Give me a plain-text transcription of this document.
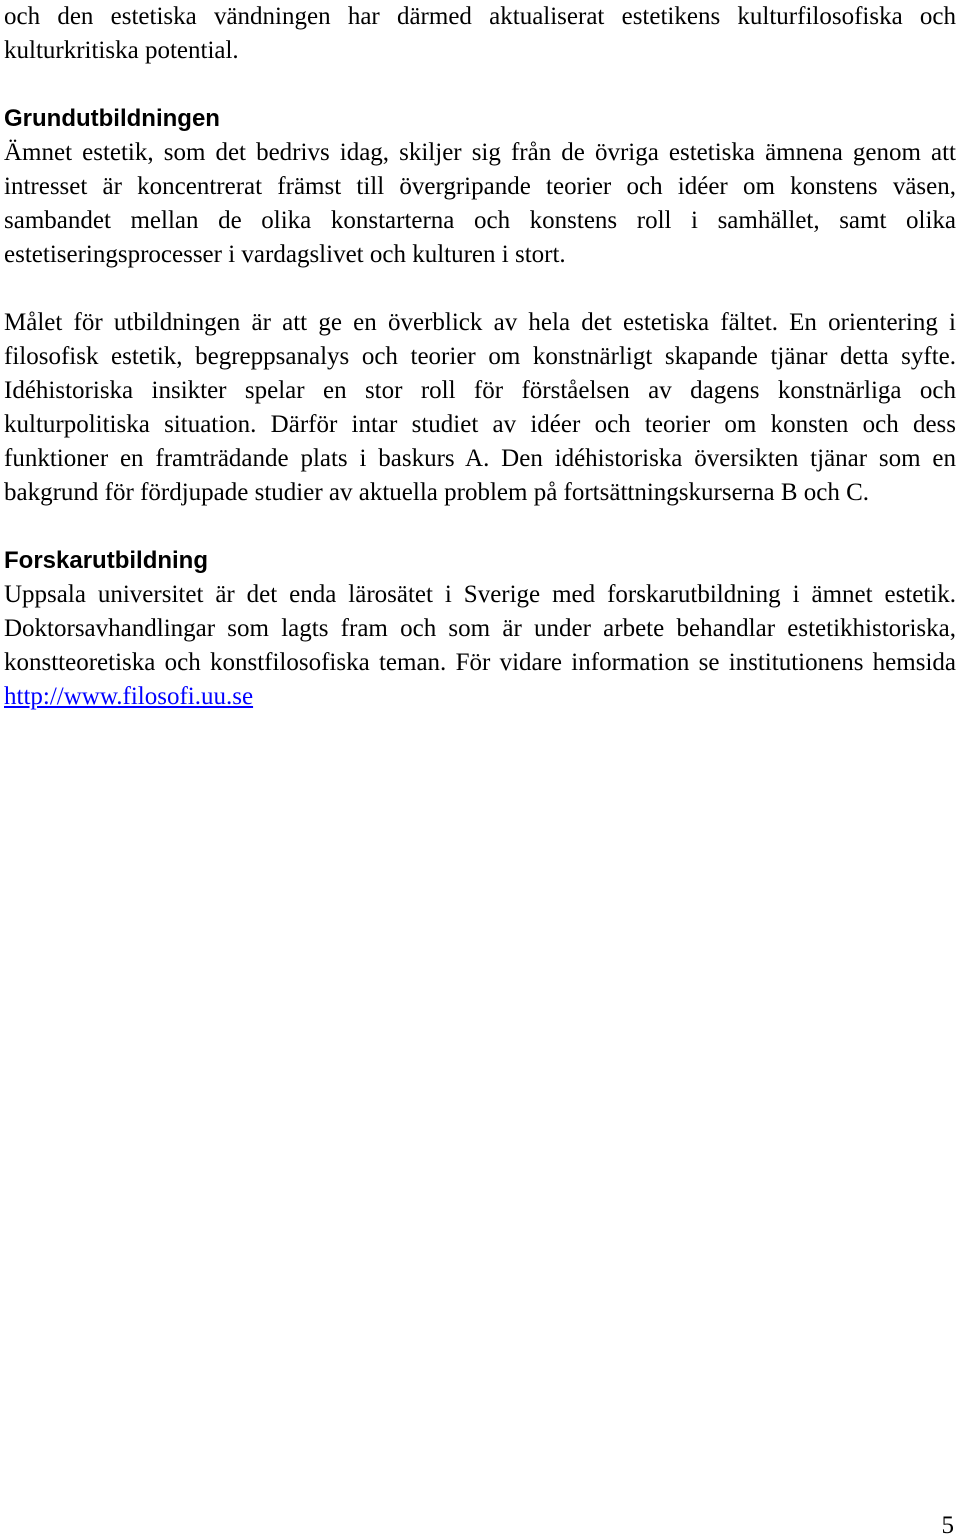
och den estetiska vändningen har därmed aktualiserat estetikens kulturfilosofiska och kulturkritiska potential.

Grundutbildningen

Ämnet estetik, som det bedrivs idag, skiljer sig från de övriga estetiska ämnena genom att intresset är koncentrerat främst till övergripande teorier och idéer om konstens väsen, sambandet mellan de olika konstarterna och konstens roll i samhället, samt olika estetiseringsprocesser i vardagslivet och kulturen i stort.

Målet för utbildningen är att ge en överblick av hela det estetiska fältet. En orientering i filosofisk estetik, begreppsanalys och teorier om konstnärligt skapande tjänar detta syfte. Idéhistoriska insikter spelar en stor roll för förståelsen av dagens konstnärliga och kulturpolitiska situation. Därför intar studiet av idéer och teorier om konsten och dess funktioner en framträdande plats i baskurs A. Den idéhistoriska översikten tjänar som en bakgrund för fördjupade studier av aktuella problem på fortsättningskurserna B och C.

Forskarutbildning

Uppsala universitet är det enda lärosätet i Sverige med forskarutbildning i ämnet estetik. Doktorsavhandlingar som lagts fram och som är under arbete behandlar estetikhistoriska, konstteoretiska och konstfilosofiska teman. För vidare information se institutionens hemsida http://www.filosofi.uu.se

5
